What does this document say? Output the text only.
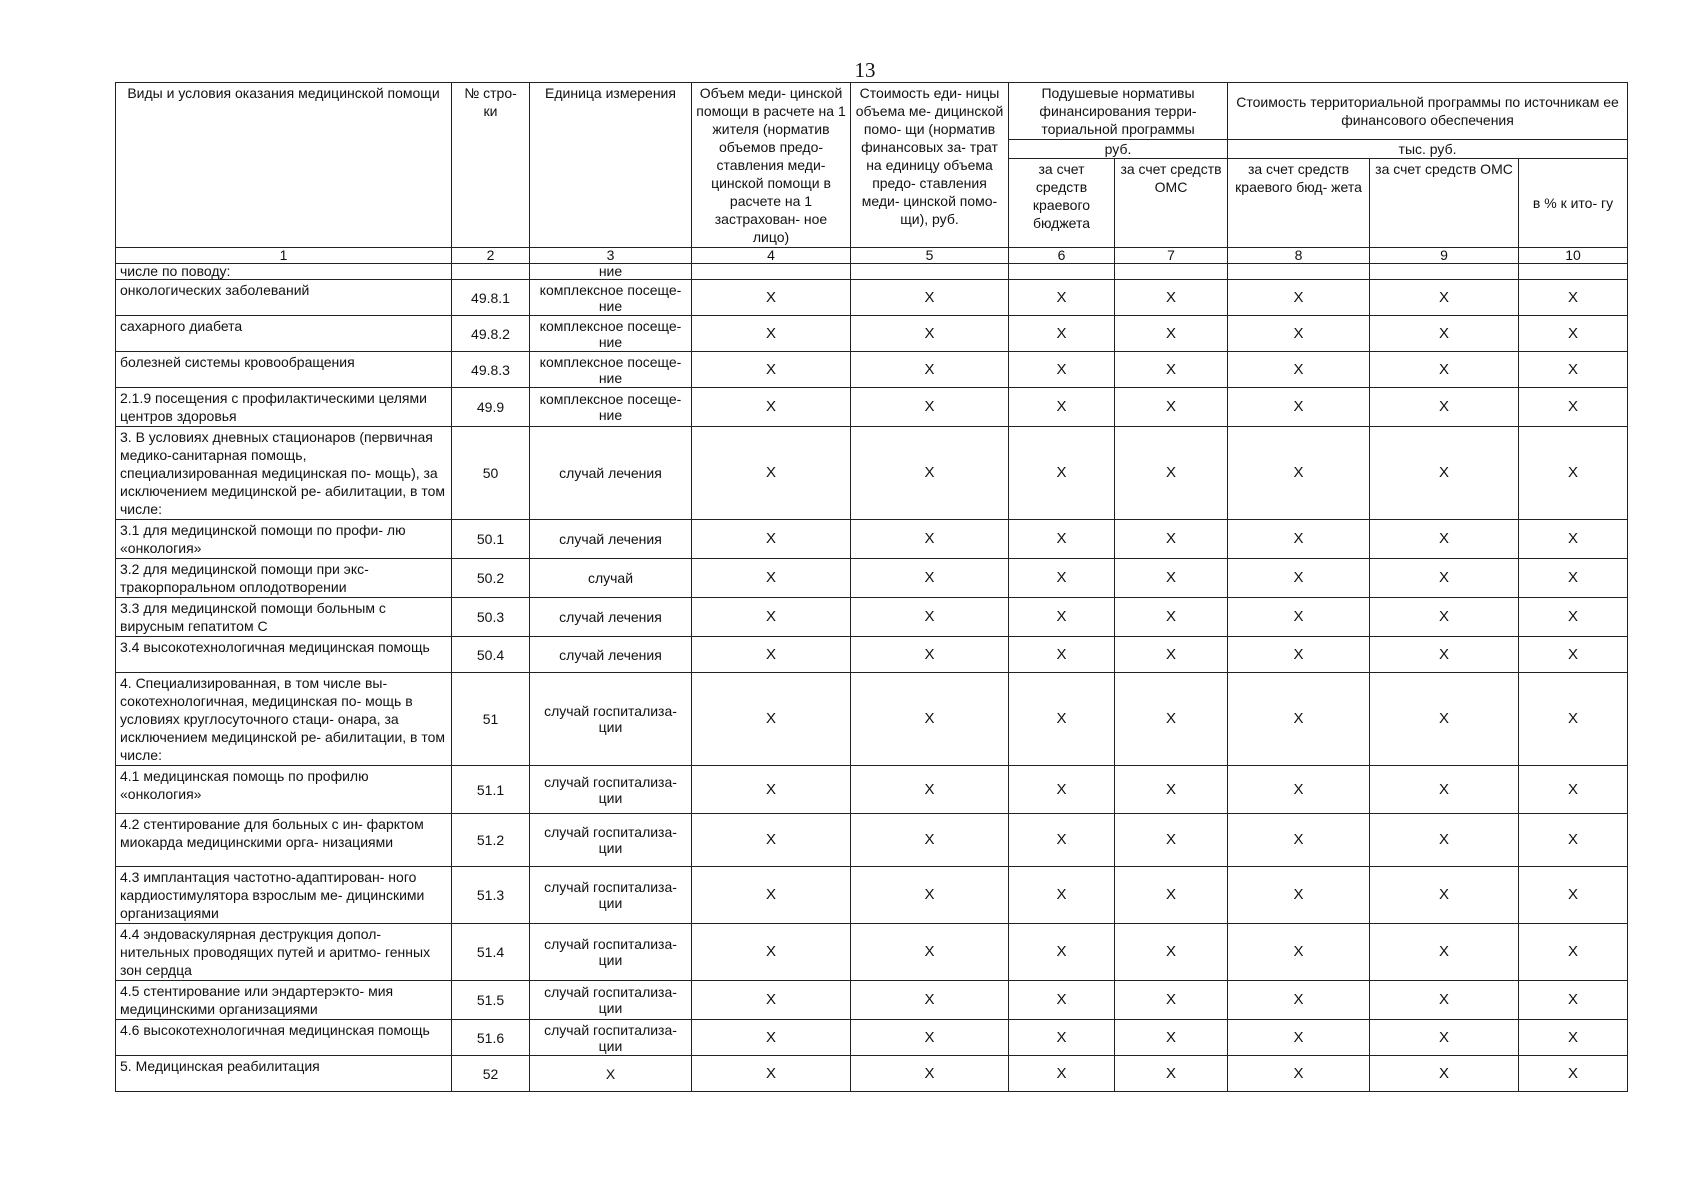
13
Виды и условия оказания медицинской помощи	№ стро- ки	Единица измерения	Объем меди- цинской помощи в расчете на 1 жителя (норматив объемов предо- ставления меди- цинской помощи в расчете на 1 застрахован- ное лицо)	Стоимость еди- ницы объема ме- дицинской помо- щи (норматив финансовых за- трат на единицу объема предо- ставления меди- цинской помо- щи), руб.	Подушевые нормативы финансирования терри- ториальной программы		Стоимость территориальной программы по источникам ее финансового обеспечения		
					руб.		тыс. руб.		
					за счет средств краевого бюджета	за счет средств ОМС	за счет средств краевого бюд- жета	за счет средств ОМС	в % к ито- гу
1	2	3	4	5	6	7	8	9	10
числе по поводу:		ние							
онкологических заболеваний	49.8.1	комплексное посеще- ние	X	X	X	X	X	X	X
сахарного диабета	49.8.2	комплексное посеще- ние	X	X	X	X	X	X	X
болезней системы кровообращения	49.8.3	комплексное посеще- ние	X	X	X	X	X	X	X
2.1.9 посещения с профилактическими целями центров здоровья	49.9	комплексное посеще- ние	X	X	X	X	X	X	X
3. В условиях дневных стационаров (первичная медико-санитарная помощь, специализированная медицинская по- мощь), за исключением медицинской ре- абилитации, в том числе:	50	случай лечения	X	X	X	X	X	X	X
3.1 для медицинской помощи по профи- лю «онкология»	50.1	случай лечения	X	X	X	X	X	X	X
3.2 для медицинской помощи при экс- тракорпоральном оплодотворении	50.2	случай	X	X	X	X	X	X	X
3.3 для медицинской помощи больным с вирусным гепатитом С	50.3	случай лечения	X	X	X	X	X	X	X
3.4 высокотехнологичная медицинская помощь	50.4	случай лечения	X	X	X	X	X	X	X
4. Специализированная, в том числе вы- сокотехнологичная, медицинская по- мощь в условиях круглосуточного стаци- онара, за исключением медицинской ре- абилитации, в том числе:	51	случай госпитализа- ции	X	X	X	X	X	X	X
4.1 медицинская помощь по профилю «онкология»	51.1	случай госпитализа- ции	X	X	X	X	X	X	X
4.2 стентирование для больных с ин- фарктом миокарда медицинскими орга- низациями	51.2	случай госпитализа- ции	X	X	X	X	X	X	X
4.3 имплантация частотно-адаптирован- ного кардиостимулятора взрослым ме- дицинскими организациями	51.3	случай госпитализа- ции	X	X	X	X	X	X	X
4.4 эндоваскулярная деструкция допол- нительных проводящих путей и аритмо- генных зон сердца	51.4	случай госпитализа- ции	X	X	X	X	X	X	X
4.5 стентирование или эндартерэкто- мия медицинскими организациями	51.5	случай госпитализа- ции	X	X	X	X	X	X	X
4.6 высокотехнологичная медицинская помощь	51.6	случай госпитализа- ции	X	X	X	X	X	X	X
5. Медицинская реабилитация	52	X	X	X	X	X	X	X	X
